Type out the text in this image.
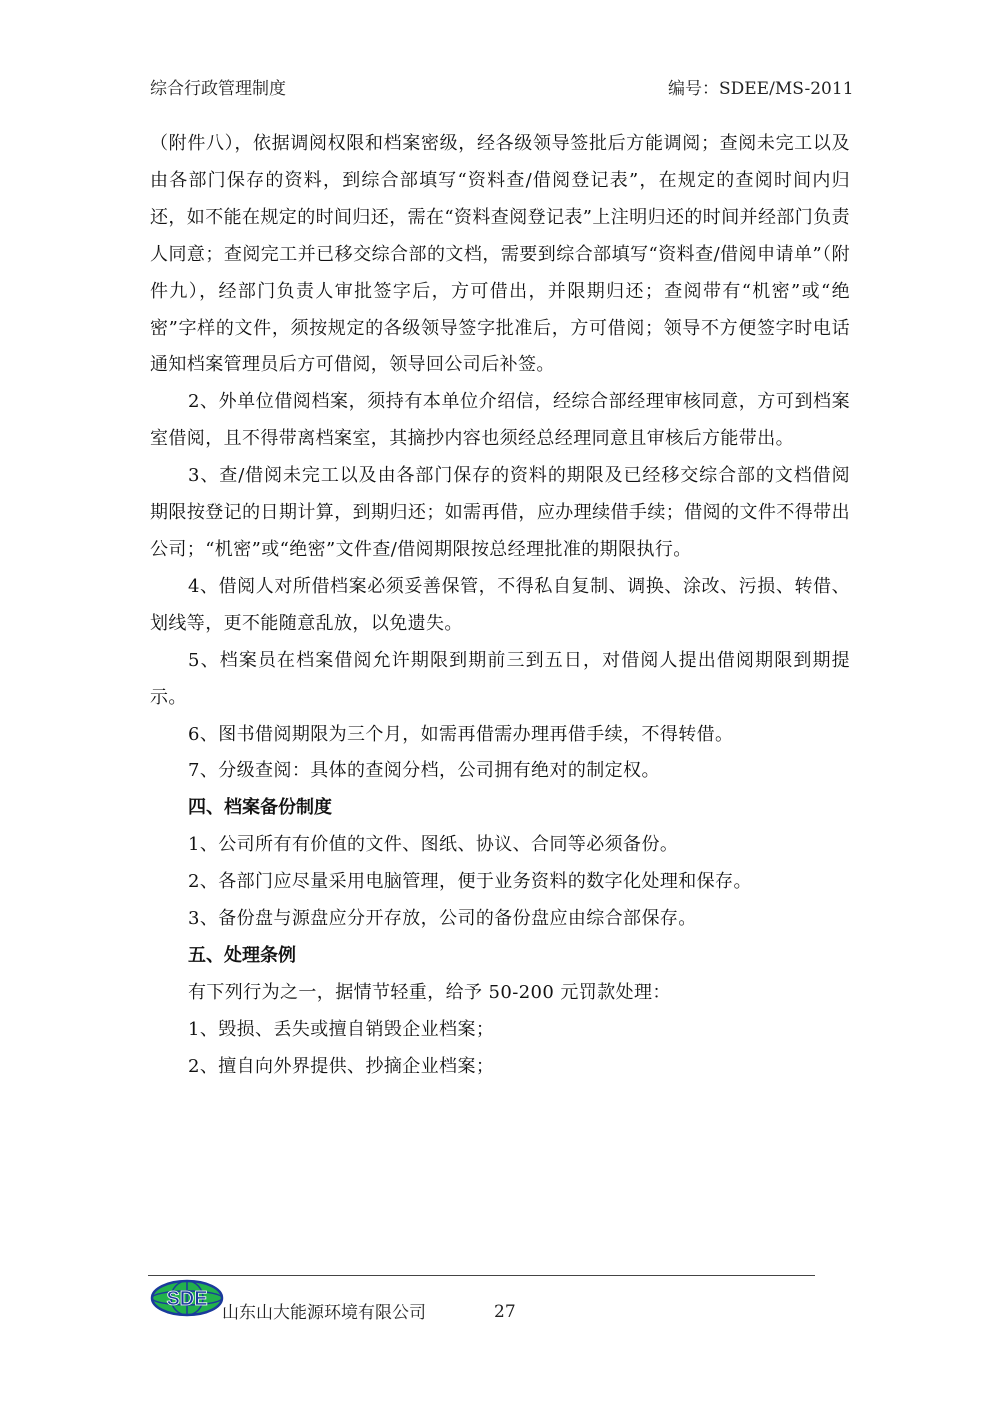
综合行政管理制度	编号：SDEE/MS-2011

（附件八），依据调阅权限和档案密级，经各级领导签批后方能调阅；查阅未完工以及由各部门保存的资料，到综合部填写“资料查/借阅登记表”，在规定的查阅时间内归还，如不能在规定的时间归还，需在“资料查阅登记表”上注明归还的时间并经部门负责人同意；查阅完工并已移交综合部的文档，需要到综合部填写“资料查/借阅申请单”（附件九），经部门负责人审批签字后，方可借出，并限期归还；查阅带有“机密”或“绝密”字样的文件，须按规定的各级领导签字批准后，方可借阅；领导不方便签字时电话通知档案管理员后方可借阅，领导回公司后补签。

2、外单位借阅档案，须持有本单位介绍信，经综合部经理审核同意，方可到档案室借阅，且不得带离档案室，其摘抄内容也须经总经理同意且审核后方能带出。

3、查/借阅未完工以及由各部门保存的资料的期限及已经移交综合部的文档借阅期限按登记的日期计算，到期归还；如需再借，应办理续借手续；借阅的文件不得带出公司；“机密”或“绝密”文件查/借阅期限按总经理批准的期限执行。

4、借阅人对所借档案必须妥善保管，不得私自复制、调换、涂改、污损、转借、划线等，更不能随意乱放，以免遗失。

5、档案员在档案借阅允许期限到期前三到五日，对借阅人提出借阅期限到期提示。

6、图书借阅期限为三个月，如需再借需办理再借手续，不得转借。

7、分级查阅：具体的查阅分档，公司拥有绝对的制定权。

四、档案备份制度

1、公司所有有价值的文件、图纸、协议、合同等必须备份。

2、各部门应尽量采用电脑管理，便于业务资料的数字化处理和保存。

3、备份盘与源盘应分开存放，公司的备份盘应由综合部保存。

五、处理条例

有下列行为之一，据情节轻重，给予 50-200 元罚款处理：

1、毁损、丢失或擅自销毁企业档案；

2、擅自向外界提供、抄摘企业档案；

SDE
山东山大能源环境有限公司	27
